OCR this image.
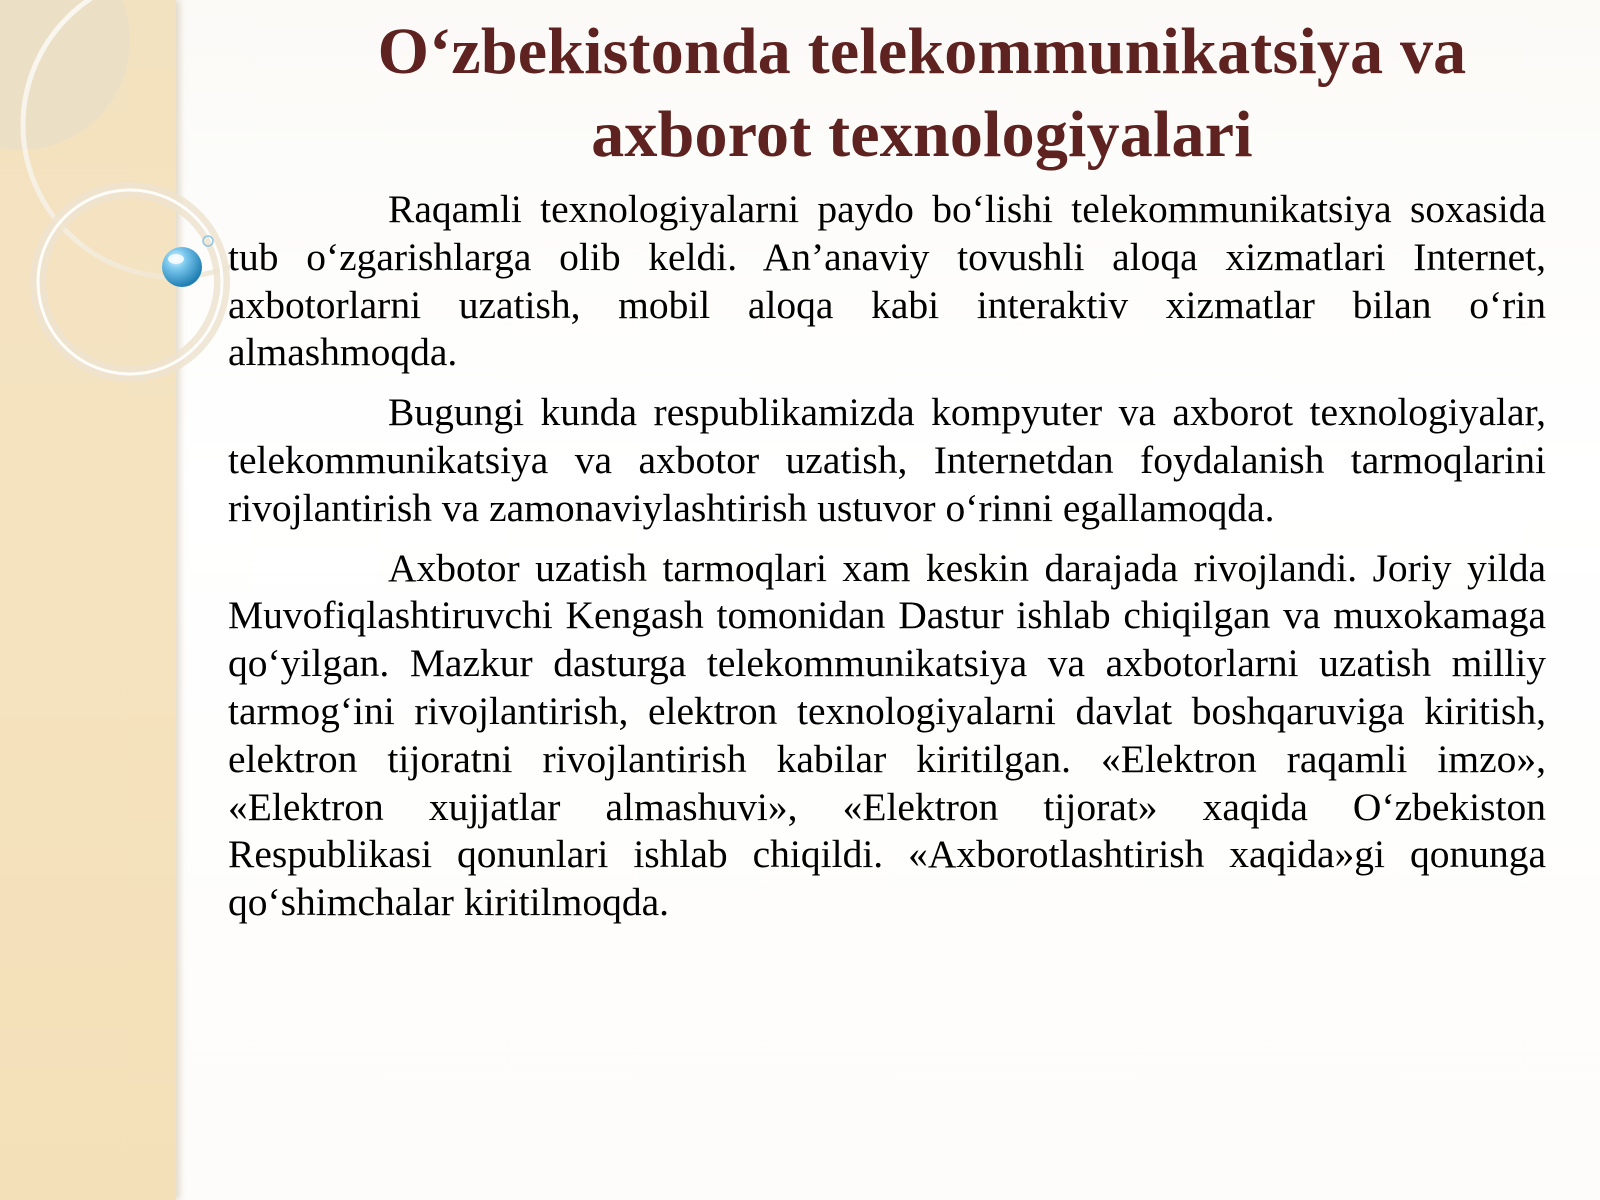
O‘zbekistonda telekommunikatsiya va axborot texnologiyalari

Raqamli texnologiyalarni paydo bo‘lishi telekommunikatsiya soxasida tub o‘zgarishlarga olib keldi. An’anaviy tovushli aloqa xizmatlari Internet, axbotorlarni uzatish, mobil aloqa kabi interaktiv xizmatlar bilan o‘rin almashmoqda.

Bugungi kunda respublikamizda kompyuter va axborot texnologiyalar, telekommunikatsiya va axbotor uzatish, Internetdan foydalanish tarmoqlarini rivojlantirish va zamonaviylashtirish ustuvor o‘rinni egallamoqda.

Axbotor uzatish tarmoqlari xam keskin darajada rivojlandi. Joriy yilda Muvofiqlashtiruvchi Kengash tomonidan Dastur ishlab chiqilgan va muxokamaga qo‘yilgan. Mazkur dasturga telekommunikatsiya va axbotorlarni uzatish milliy tarmog‘ini rivojlantirish, elektron texnologiyalarni davlat boshqaruviga kiritish, elektron tijoratni rivojlantirish kabilar kiritilgan. «Elektron raqamli imzo», «Elektron xujjatlar almashuvi», «Elektron tijorat» xaqida O‘zbekiston Respublikasi qonunlari ishlab chiqildi. «Axborotlashtirish xaqida»gi qonunga qo‘shimchalar kiritilmoqda.
